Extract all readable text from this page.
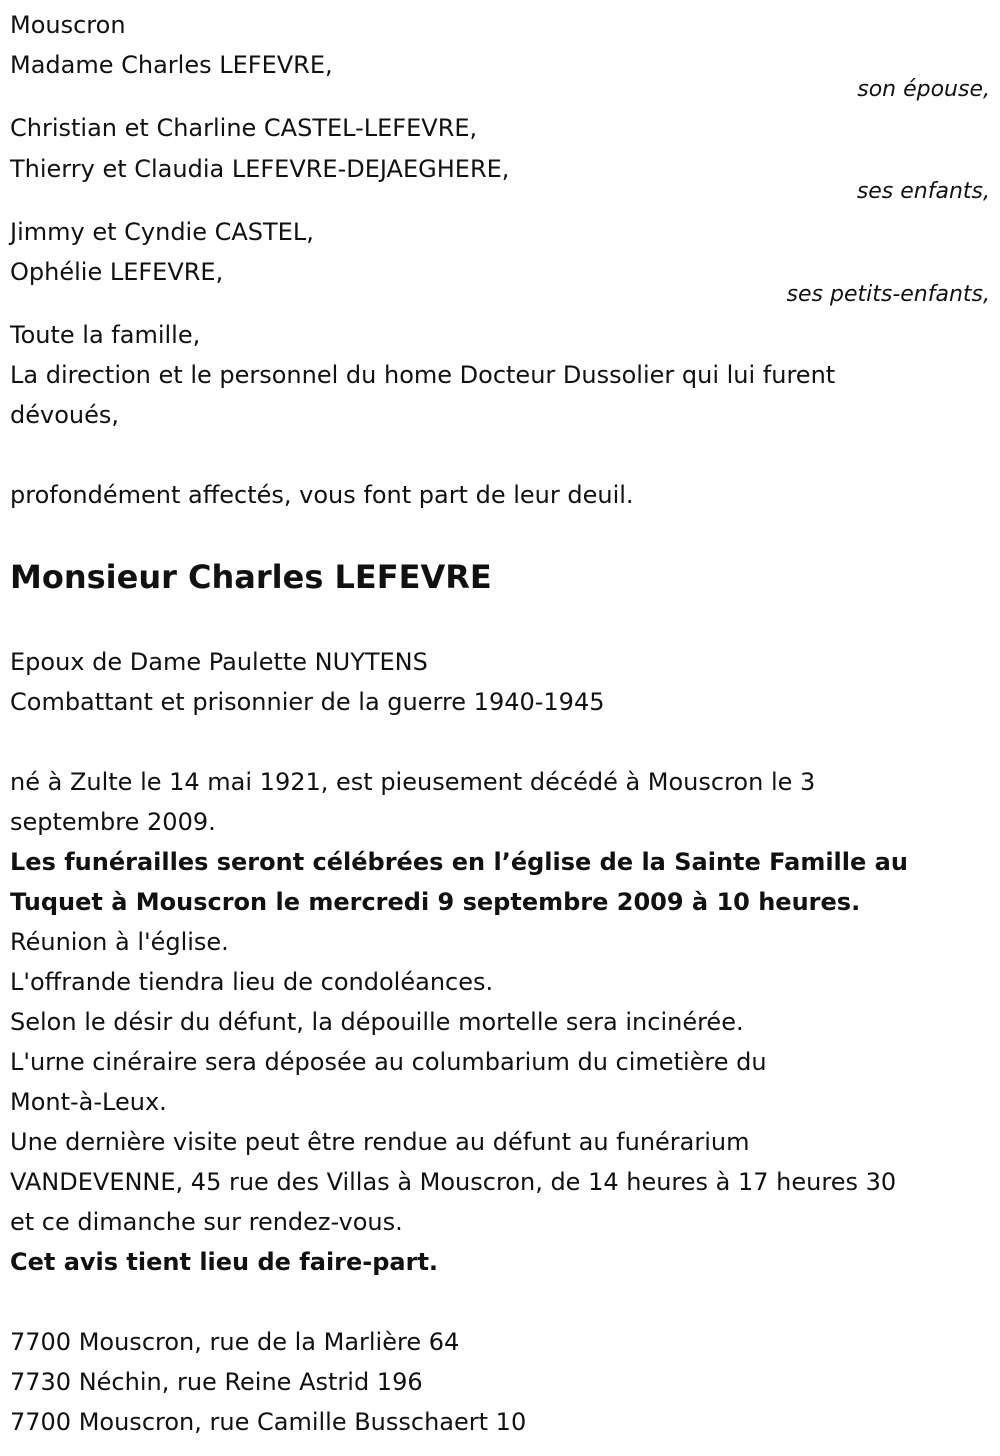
Mouscron
Madame Charles LEFEVRE,
son épouse,
Christian et Charline CASTEL-LEFEVRE,
Thierry et Claudia LEFEVRE-DEJAEGHERE,
ses enfants,
Jimmy et Cyndie CASTEL,
Ophélie LEFEVRE,
ses petits-enfants,
Toute la famille,
La direction et le personnel du home Docteur Dussolier qui lui furent
dévoués,
profondément affectés, vous font part de leur deuil.
Monsieur Charles LEFEVRE
Epoux de Dame Paulette NUYTENS
Combattant et prisonnier de la guerre 1940-1945
né à Zulte le 14 mai 1921, est pieusement décédé à Mouscron le 3
septembre 2009.
Les funérailles seront célébrées en l’église de la Sainte Famille au
Tuquet à Mouscron le mercredi 9 septembre 2009 à 10 heures.
Réunion à l'église.
L'offrande tiendra lieu de condoléances.
Selon le désir du défunt, la dépouille mortelle sera incinérée.
L'urne cinéraire sera déposée au columbarium du cimetière du
Mont-à-Leux.
Une dernière visite peut être rendue au défunt au funérarium
VANDEVENNE, 45 rue des Villas à Mouscron, de 14 heures à 17 heures 30
et ce dimanche sur rendez-vous.
Cet avis tient lieu de faire-part.
7700 Mouscron, rue de la Marlière 64
7730 Néchin, rue Reine Astrid 196
7700 Mouscron, rue Camille Busschaert 10
